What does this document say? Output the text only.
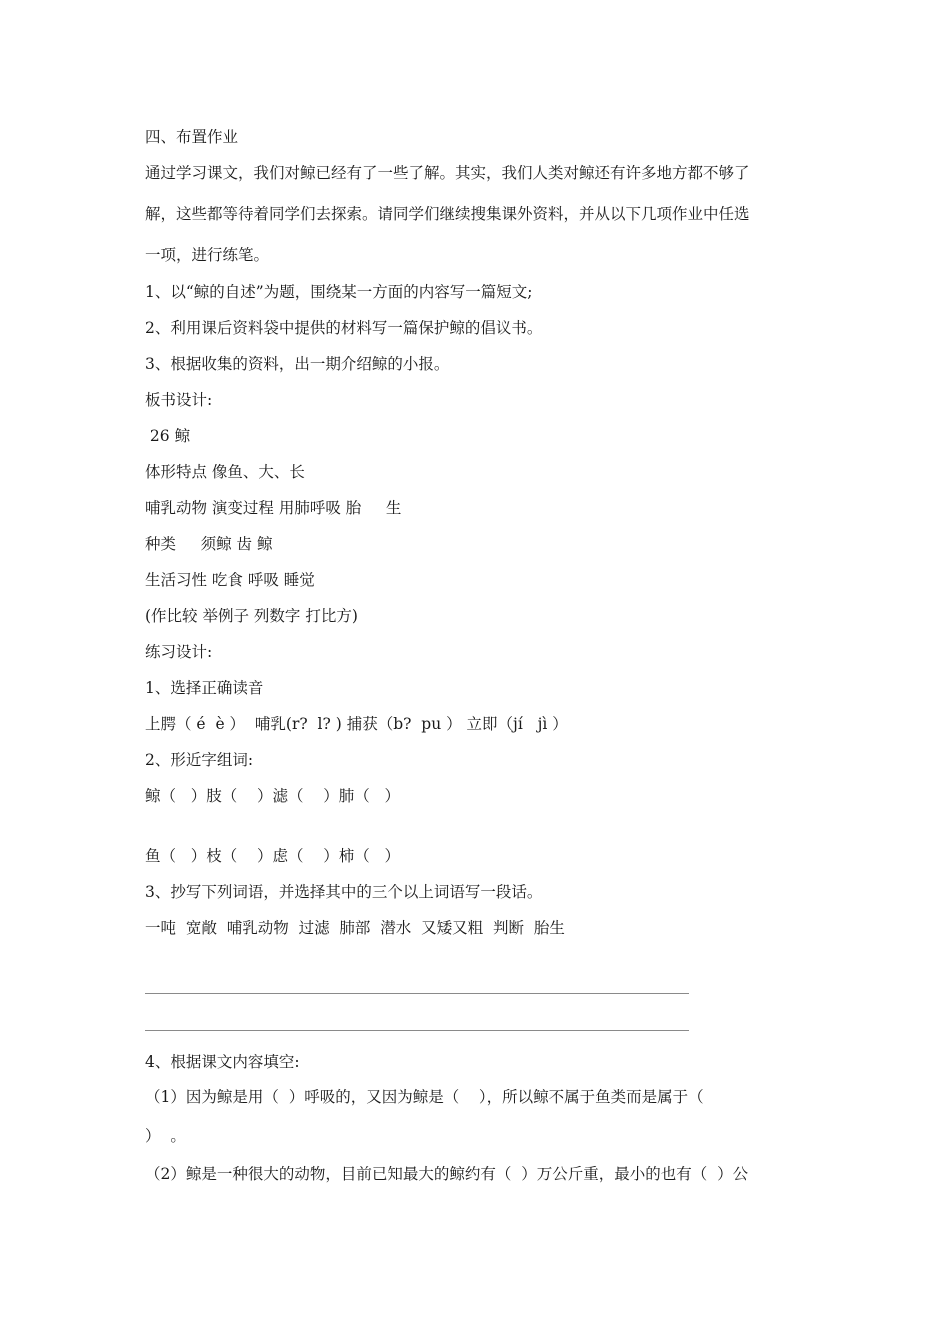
四、布置作业
通过学习课文，我们对鲸已经有了一些了解。其实，我们人类对鲸还有许多地方都不够了
解，这些都等待着同学们去探索。请同学们继续搜集课外资料，并从以下几项作业中任选
一项，进行练笔。
1、以“鲸的自述”为题，围绕某一方面的内容写一篇短文;
2、利用课后资料袋中提供的材料写一篇保护鲸的倡议书。
3、根据收集的资料，出一期介绍鲸的小报。
板书设计:
26 鲸
体形特点 像鱼、大、长
哺乳动物 演变过程 用肺呼吸 胎     生
种类     须鲸 齿 鲸
生活习性 吃食 呼吸 睡觉
(作比较 举例子 列数字 打比方)
练习设计:
1、选择正确读音
上腭（ é  è ）  哺乳(r?  l? ) 捕获（b?  pu ） 立即（jí   jì ）
2、形近字组词:
鲸（   ）肢（    ）滤（    ）肺（   ）
鱼（   ）枝（    ）虑（    ）柿（   ）
3、抄写下列词语，并选择其中的三个以上词语写一段话。
一吨  宽敞  哺乳动物  过滤  肺部  潜水  又矮又粗  判断  胎生
4、根据课文内容填空:
（1）因为鲸是用（  ）呼吸的，又因为鲸是（    ），所以鲸不属于鱼类而是属于（
）  。
（2）鲸是一种很大的动物，目前已知最大的鲸约有（  ）万公斤重，最小的也有（  ）公
